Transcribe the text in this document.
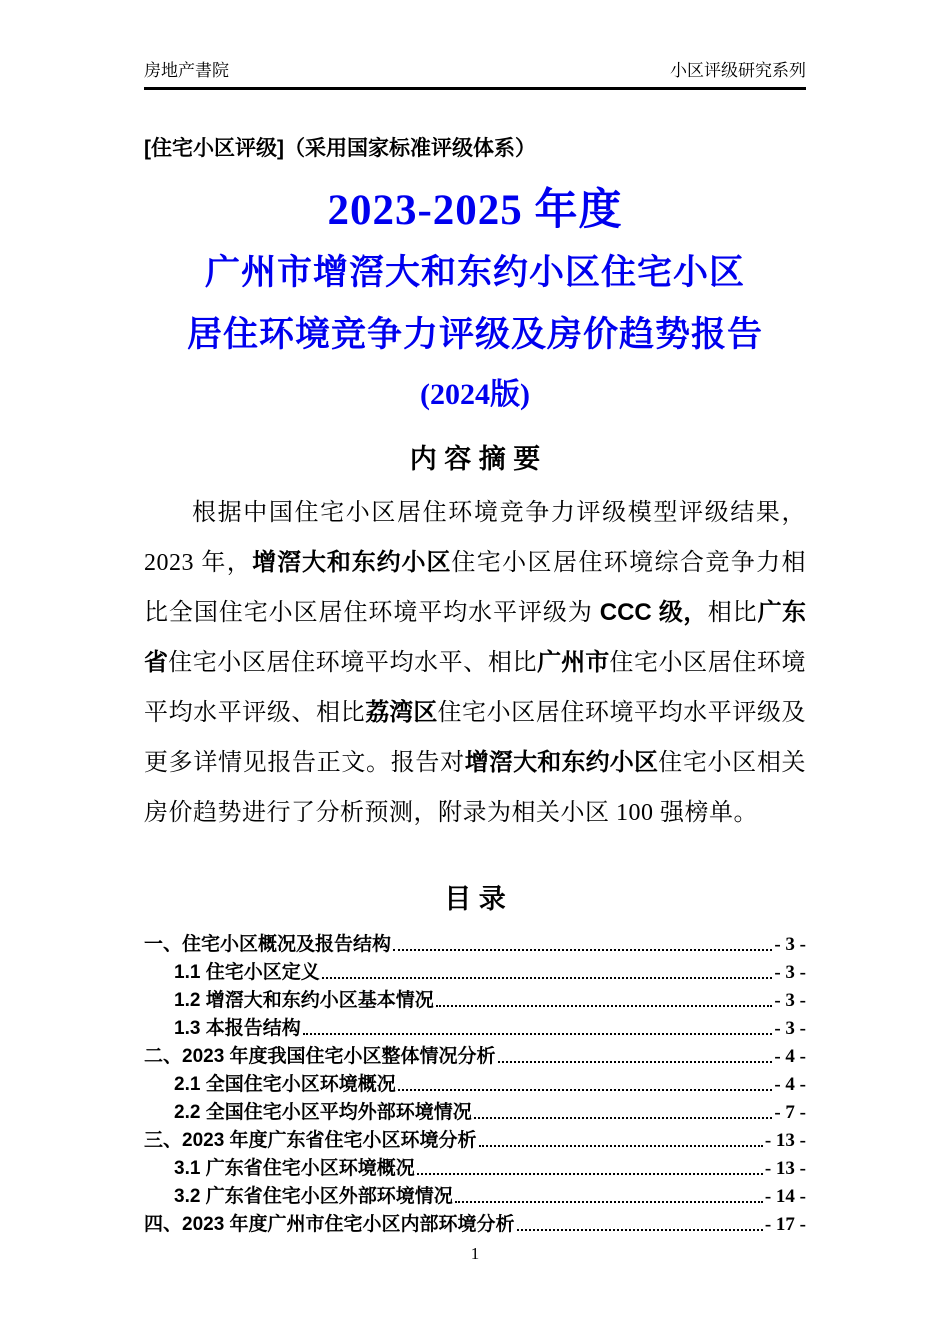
房地产書院	小区评级研究系列
[住宅小区评级]（采用国家标准评级体系）
2023-2025 年度
广州市增滘大和东约小区住宅小区
居住环境竞争力评级及房价趋势报告
(2024版)
内 容 摘 要

根据中国住宅小区居住环境竞争力评级模型评级结果，2023 年，增滘大和东约小区住宅小区居住环境综合竞争力相比全国住宅小区居住环境平均水平评级为 CCC 级，相比广东省住宅小区居住环境平均水平、相比广州市住宅小区居住环境平均水平评级、相比荔湾区住宅小区居住环境平均水平评级及更多详情见报告正文。报告对增滘大和东约小区住宅小区相关房价趋势进行了分析预测，附录为相关小区 100 强榜单。

目 录
一、住宅小区概况及报告结构	- 3 -
1.1 住宅小区定义	- 3 -
1.2 增滘大和东约小区基本情况	- 3 -
1.3 本报告结构	- 3 -
二、2023 年度我国住宅小区整体情况分析	- 4 -
2.1 全国住宅小区环境概况	- 4 -
2.2 全国住宅小区平均外部环境情况	- 7 -
三、2023 年度广东省住宅小区环境分析	- 13 -
3.1 广东省住宅小区环境概况	- 13 -
3.2 广东省住宅小区外部环境情况	- 14 -
四、2023 年度广州市住宅小区内部环境分析	- 17 -
1
